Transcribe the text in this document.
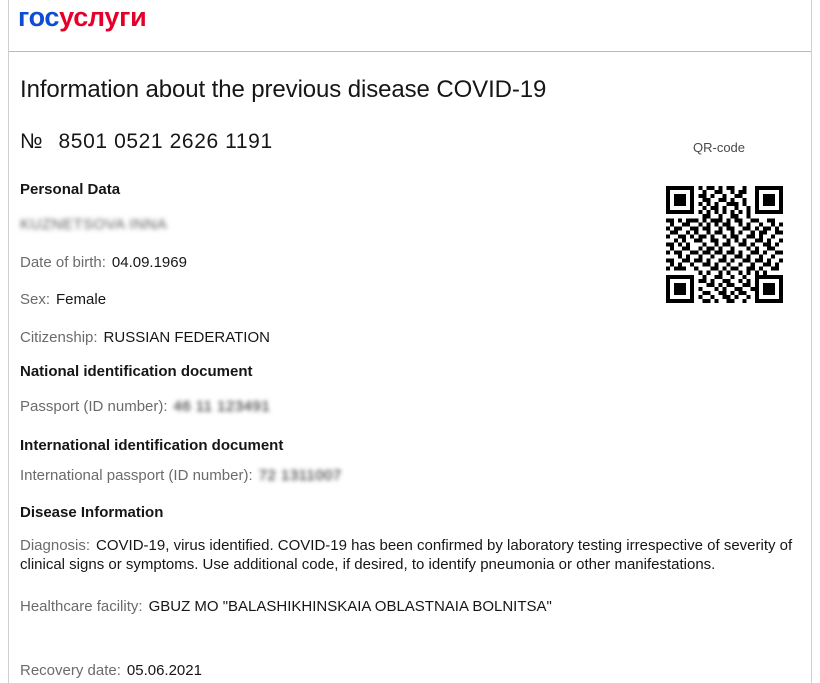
госуслуги
Information about the previous disease COVID-19
№ 8501 0521 2626 1191	QR-code
Personal Data
KUZNETSOVA INNA
Date of birth: 04.09.1969
Sex: Female
Citizenship: RUSSIAN FEDERATION
National identification document
Passport (ID number): 46 11 123491
International identification document
International passport (ID number): 72 1311007
Disease Information
Diagnosis: COVID-19, virus identified. COVID-19 has been confirmed by laboratory testing irrespective of severity of clinical signs or symptoms. Use additional code, if desired, to identify pneumonia or other manifestations.
Healthcare facility: GBUZ MO "BALASHIKHINSKAIA OBLASTNAIA BOLNITSA"
Recovery date: 05.06.2021
